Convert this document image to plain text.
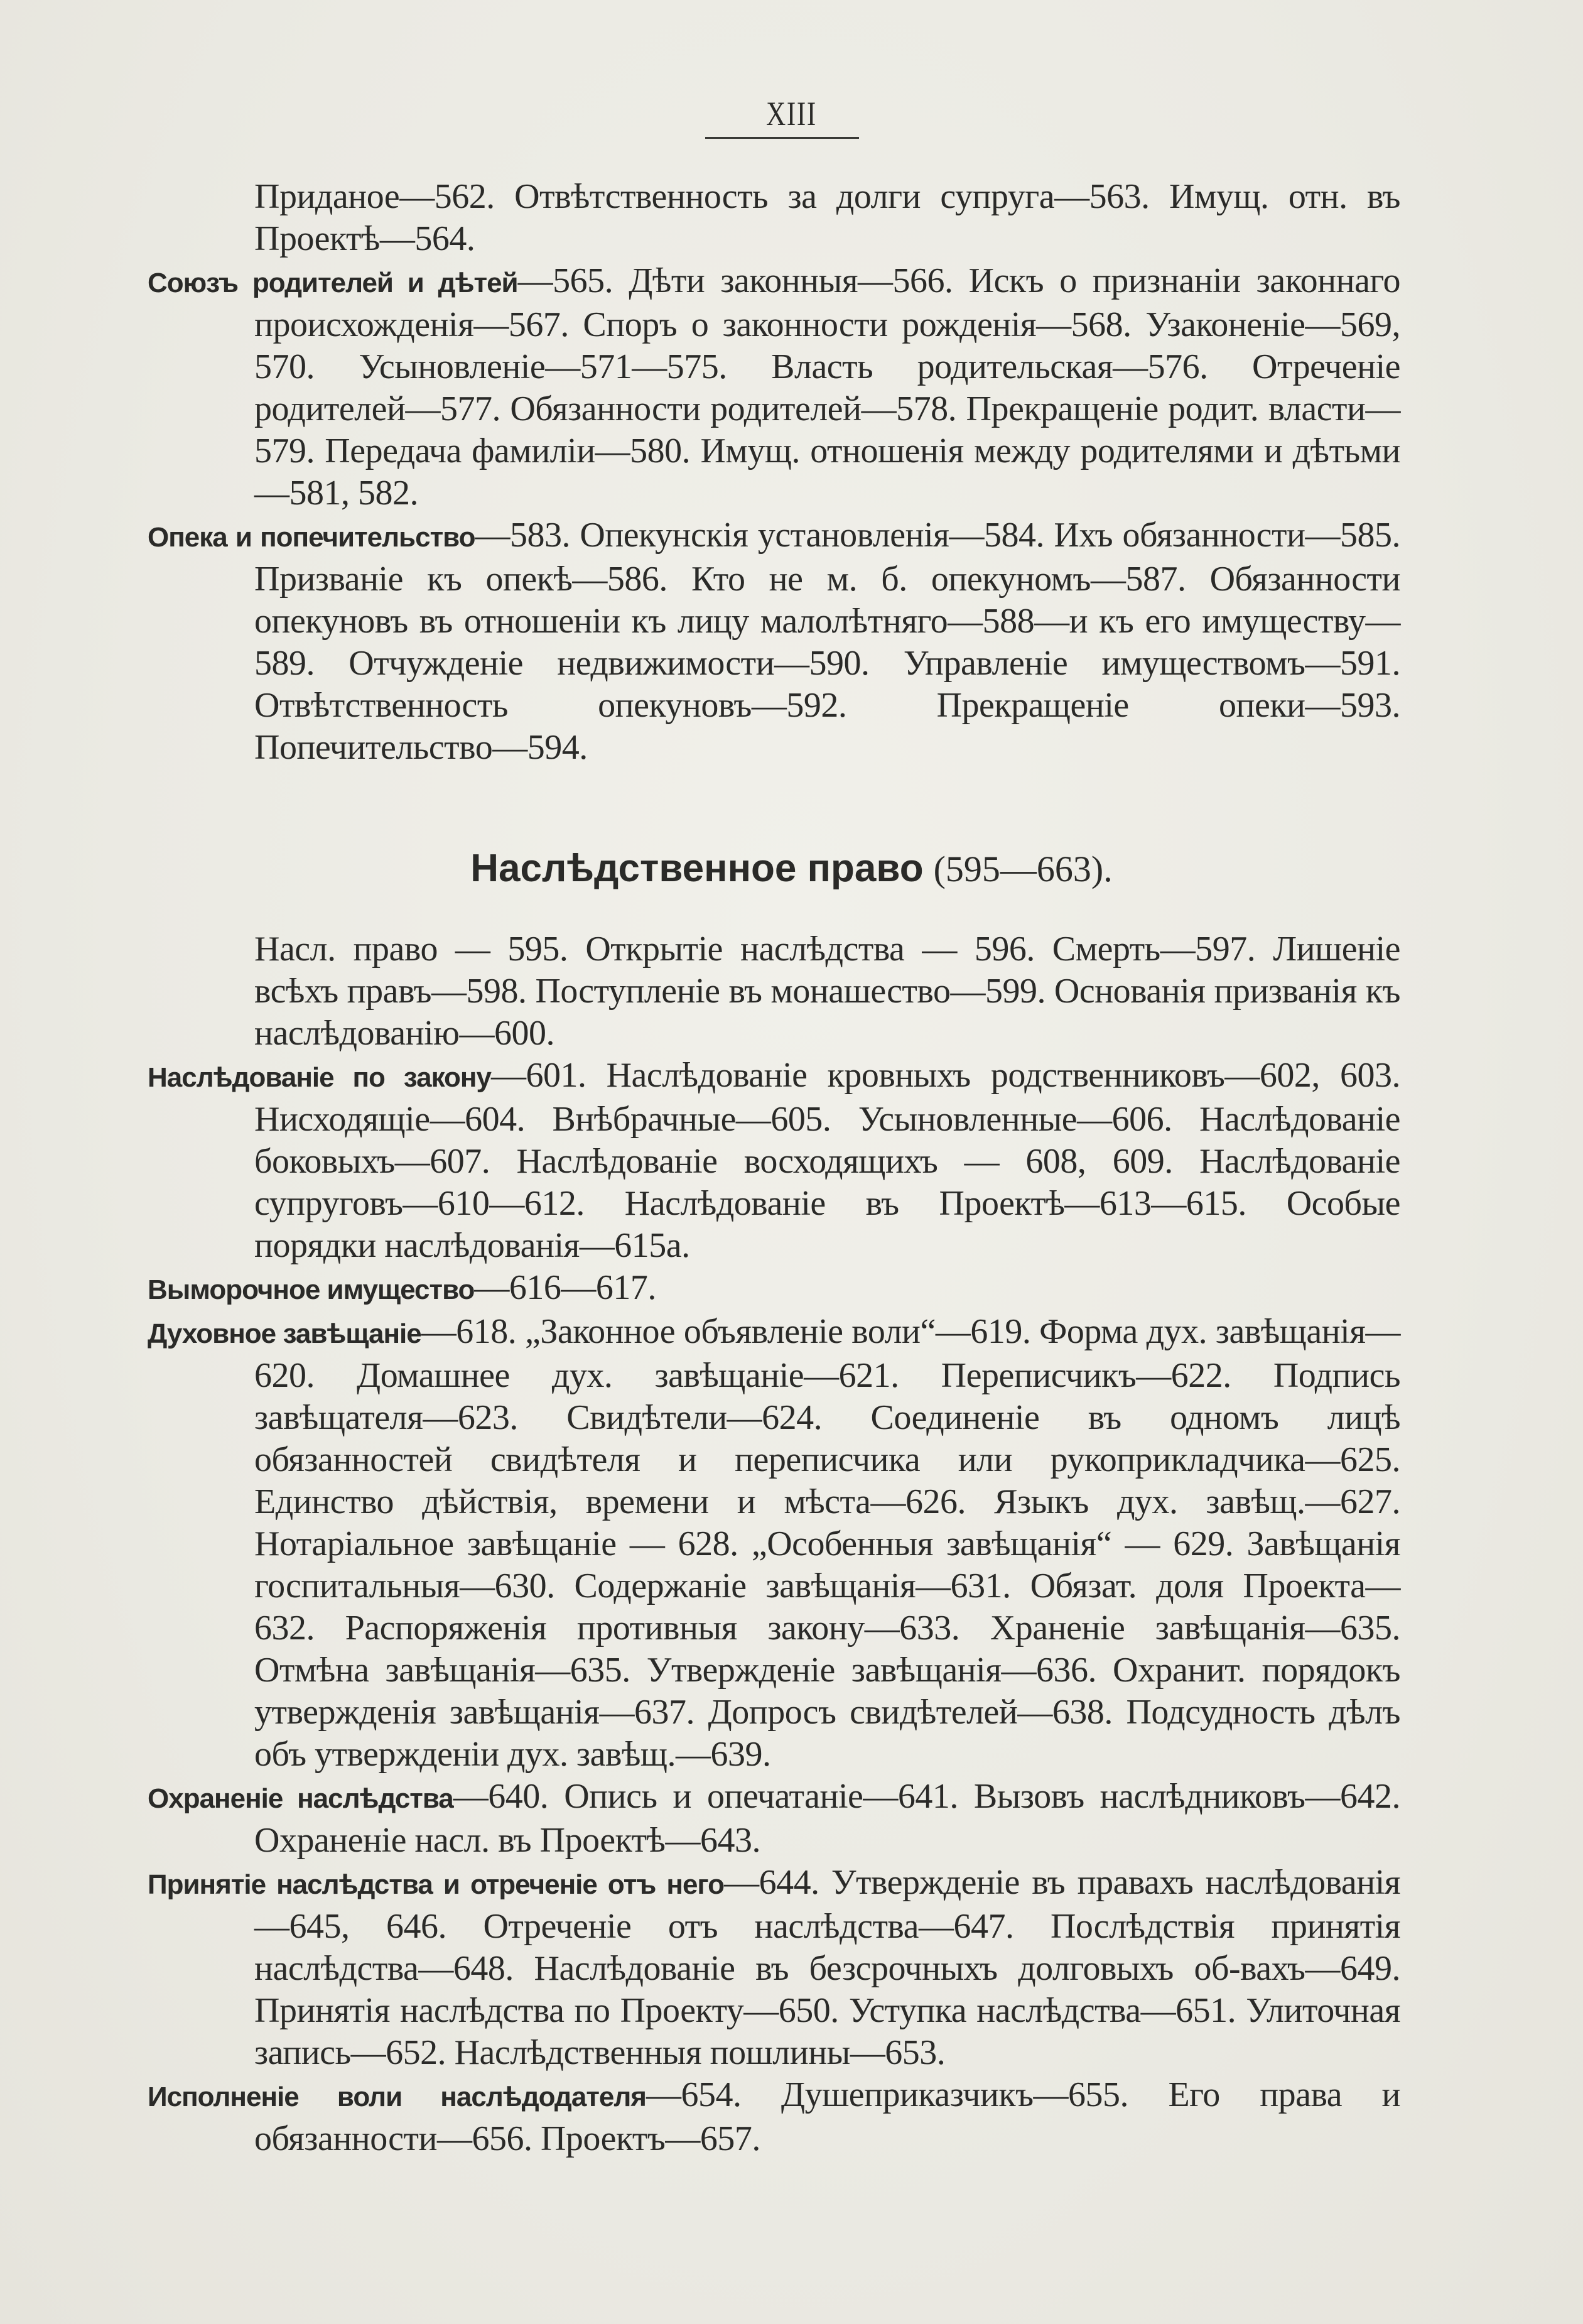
XIII

Приданое—562. Отвѣтственность за долги супруга—563. Имущ. отн. въ Проектѣ—564.

Союзъ родителей и дѣтей—565. Дѣти законныя—566. Искъ о признаніи законнаго происхожденія—567. Споръ о законности рожденія—568. Узаконеніе—569, 570. Усыновленіе—571—575. Власть родительская—576. Отреченіе родителей—577. Обязанности родителей—578. Прекращеніе родит. власти—579. Передача фамиліи—580. Имущ. отношенія между родителями и дѣтьми—581, 582.

Опека и попечительство—583. Опекунскія установленія—584. Ихъ обязанности—585. Призваніе къ опекѣ—586. Кто не м. б. опекуномъ—587. Обязанности опекуновъ въ отношеніи къ лицу малолѣтняго—588—и къ его имуществу—589. Отчужденіе недвижимости—590. Управленіе имуществомъ—591. Отвѣтственность опекуновъ—592. Прекращеніе опеки—593. Попечительство—594.

Наслѣдственное право (595—663).

Насл. право — 595. Открытіе наслѣдства — 596. Смерть—597. Лишеніе всѣхъ правъ—598. Поступленіе въ монашество—599. Основанія призванія къ наслѣдованію—600.

Наслѣдованіе по закону—601. Наслѣдованіе кровныхъ родственниковъ—602, 603. Нисходящіе—604. Внѣбрачные—605. Усыновленные—606. Наслѣдованіе боковыхъ—607. Наслѣдованіе восходящихъ — 608, 609. Наслѣдованіе супруговъ—610—612. Наслѣдованіе въ Проектѣ—613—615. Особые порядки наслѣдованія—615а.

Выморочное имущество—616—617.

Духовное завѣщаніе—618. „Законное объявленіе воли“—619. Форма дух. завѣщанія—620. Домашнее дух. завѣщаніе—621. Переписчикъ—622. Подпись завѣщателя—623. Свидѣтели—624. Соединеніе въ одномъ лицѣ обязанностей свидѣтеля и переписчика или рукоприкладчика—625. Единство дѣйствія, времени и мѣста—626. Языкъ дух. завѣщ.—627. Нотаріальное завѣщаніе — 628. „Особенныя завѣщанія“ — 629. Завѣщанія госпитальныя—630. Содержаніе завѣщанія—631. Обязат. доля Проекта—632. Распоряженія противныя закону—633. Храненіе завѣщанія—635. Отмѣна завѣщанія—635. Утвержденіе завѣщанія—636. Охранит. порядокъ утвержденія завѣщанія—637. Допросъ свидѣтелей—638. Подсудность дѣлъ объ утвержденіи дух. завѣщ.—639.

Охраненіе наслѣдства—640. Опись и опечатаніе—641. Вызовъ наслѣдниковъ—642. Охраненіе насл. въ Проектѣ—643.

Принятіе наслѣдства и отреченіе отъ него—644. Утвержденіе въ правахъ наслѣдованія—645, 646. Отреченіе отъ наслѣдства—647. Послѣдствія принятія наслѣдства—648. Наслѣдованіе въ безсрочныхъ долговыхъ об-вахъ—649. Принятія наслѣдства по Проекту—650. Уступка наслѣдства—651. Улиточная запись—652. Наслѣдственныя пошлины—653.

Исполненіе воли наслѣдодателя—654. Душеприказчикъ—655. Его права и обязанности—656. Проектъ—657.
